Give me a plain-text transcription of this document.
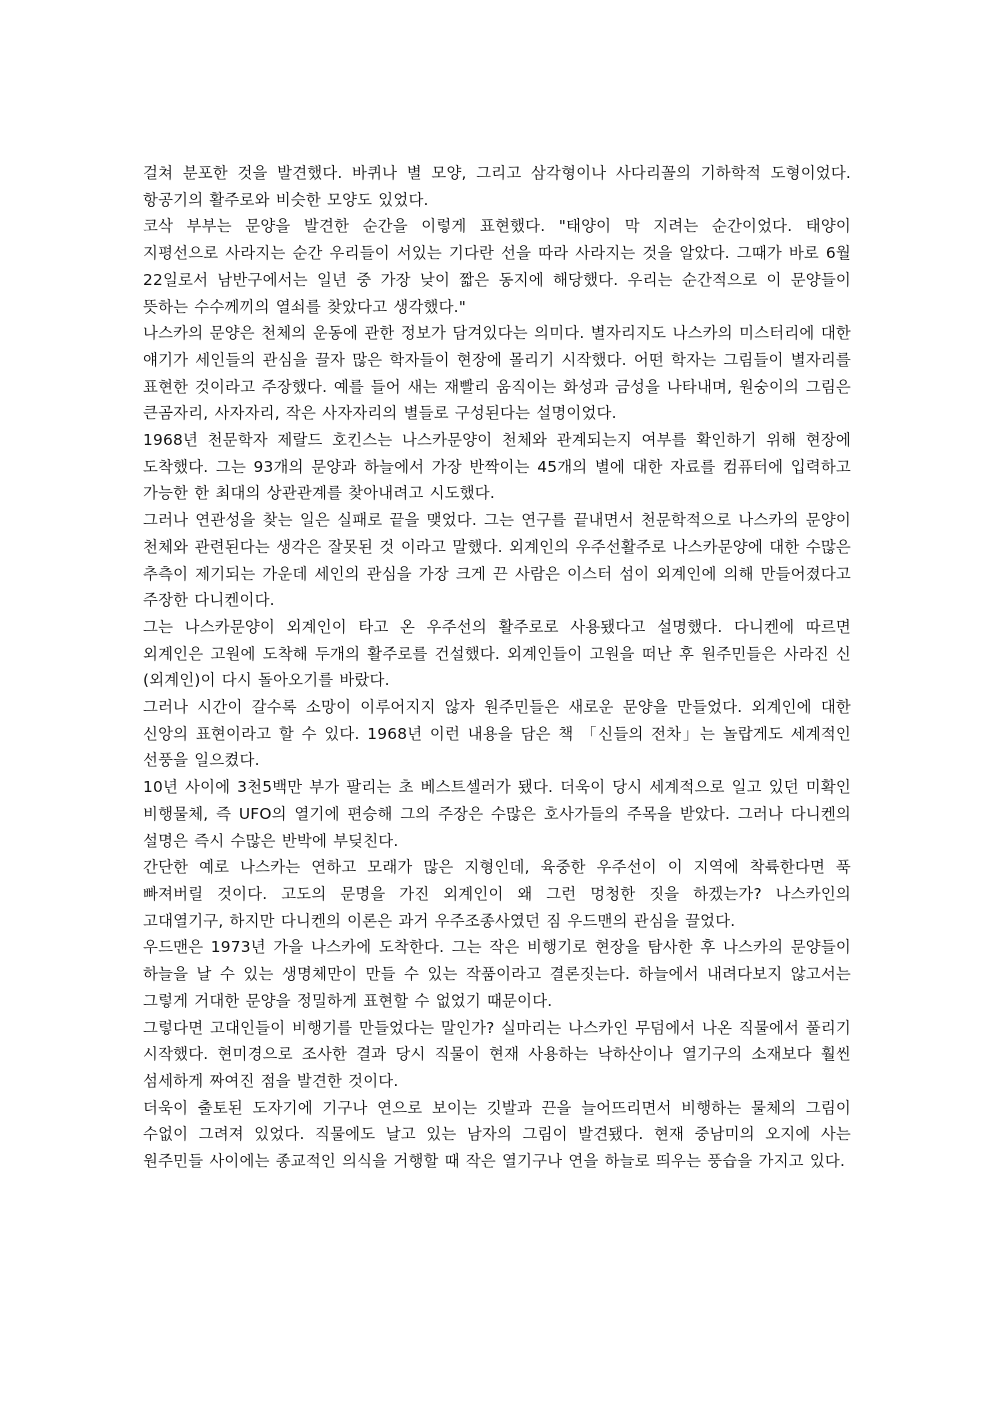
걸쳐 분포한 것을 발견했다. 바퀴나 별 모양, 그리고 삼각형이나 사다리꼴의 기하학적 도형이었다. 항공기의 활주로와 비슷한 모양도 있었다.

코삭 부부는 문양을 발견한 순간을 이렇게 표현했다. "태양이 막 지려는 순간이었다. 태양이 지평선으로 사라지는 순간 우리들이 서있는 기다란 선을 따라 사라지는 것을 알았다. 그때가 바로 6월 22일로서 남반구에서는 일년 중 가장 낮이 짧은 동지에 해당했다. 우리는 순간적으로 이 문양들이 뜻하는 수수께끼의 열쇠를 찾았다고 생각했다."

나스카의 문양은 천체의 운동에 관한 정보가 담겨있다는 의미다. 별자리지도 나스카의 미스터리에 대한 얘기가 세인들의 관심을 끌자 많은 학자들이 현장에 몰리기 시작했다. 어떤 학자는 그림들이 별자리를 표현한 것이라고 주장했다. 예를 들어 새는 재빨리 움직이는 화성과 금성을 나타내며, 원숭이의 그림은 큰곰자리, 사자자리, 작은 사자자리의 별들로 구성된다는 설명이었다.

1968년 천문학자 제랄드 호킨스는 나스카문양이 천체와 관계되는지 여부를 확인하기 위해 현장에 도착했다. 그는 93개의 문양과 하늘에서 가장 반짝이는 45개의 별에 대한 자료를 컴퓨터에 입력하고 가능한 한 최대의 상관관계를 찾아내려고 시도했다.

그러나 연관성을 찾는 일은 실패로 끝을 맺었다. 그는 연구를 끝내면서 천문학적으로 나스카의 문양이 천체와 관련된다는 생각은 잘못된 것 이라고 말했다. 외계인의 우주선활주로 나스카문양에 대한 수많은 추측이 제기되는 가운데 세인의 관심을 가장 크게 끈 사람은 이스터 섬이 외계인에 의해 만들어졌다고 주장한 다니켄이다.

그는 나스카문양이 외계인이 타고 온 우주선의 활주로로 사용됐다고 설명했다. 다니켄에 따르면 외계인은 고원에 도착해 두개의 활주로를 건설했다. 외계인들이 고원을 떠난 후 원주민들은 사라진 신(외계인)이 다시 돌아오기를 바랐다.

그러나 시간이 갈수록 소망이 이루어지지 않자 원주민들은 새로운 문양을 만들었다. 외계인에 대한 신앙의 표현이라고 할 수 있다. 1968년 이런 내용을 담은 책 「신들의 전차」는 놀랍게도 세계적인 선풍을 일으켰다.

10년 사이에 3천5백만 부가 팔리는 초 베스트셀러가 됐다. 더욱이 당시 세계적으로 일고 있던 미확인 비행물체, 즉 UFO의 열기에 편승해 그의 주장은 수많은 호사가들의 주목을 받았다. 그러나 다니켄의 설명은 즉시 수많은 반박에 부딪친다.

간단한 예로 나스카는 연하고 모래가 많은 지형인데, 육중한 우주선이 이 지역에 착륙한다면 푹 빠져버릴 것이다. 고도의 문명을 가진 외계인이 왜 그런 멍청한 짓을 하겠는가? 나스카인의 고대열기구, 하지만 다니켄의 이론은 과거 우주조종사였던 짐 우드맨의 관심을 끌었다.

우드맨은 1973년 가을 나스카에 도착한다. 그는 작은 비행기로 현장을 탐사한 후 나스카의 문양들이 하늘을 날 수 있는 생명체만이 만들 수 있는 작품이라고 결론짓는다. 하늘에서 내려다보지 않고서는 그렇게 거대한 문양을 정밀하게 표현할 수 없었기 때문이다.

그렇다면 고대인들이 비행기를 만들었다는 말인가? 실마리는 나스카인 무덤에서 나온 직물에서 풀리기 시작했다. 현미경으로 조사한 결과 당시 직물이 현재 사용하는 낙하산이나 열기구의 소재보다 훨씬 섬세하게 짜여진 점을 발견한 것이다.

더욱이 출토된 도자기에 기구나 연으로 보이는 깃발과 끈을 늘어뜨리면서 비행하는 물체의 그림이 수없이 그려져 있었다. 직물에도 날고 있는 남자의 그림이 발견됐다. 현재 중남미의 오지에 사는 원주민들 사이에는 종교적인 의식을 거행할 때 작은 열기구나 연을 하늘로 띄우는 풍습을 가지고 있다.
